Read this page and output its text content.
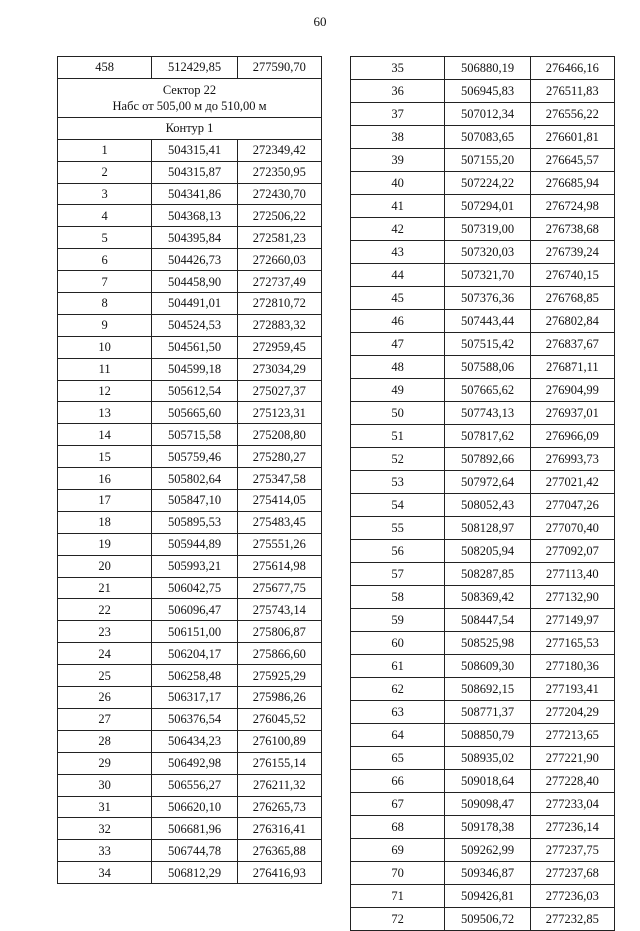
60
458	512429,85	277590,70
Сектор 22
Набс от 505,00 м до 510,00 м		
Контур 1		
1	504315,41	272349,42
2	504315,87	272350,95
3	504341,86	272430,70
4	504368,13	272506,22
5	504395,84	272581,23
6	504426,73	272660,03
7	504458,90	272737,49
8	504491,01	272810,72
9	504524,53	272883,32
10	504561,50	272959,45
11	504599,18	273034,29
12	505612,54	275027,37
13	505665,60	275123,31
14	505715,58	275208,80
15	505759,46	275280,27
16	505802,64	275347,58
17	505847,10	275414,05
18	505895,53	275483,45
19	505944,89	275551,26
20	505993,21	275614,98
21	506042,75	275677,75
22	506096,47	275743,14
23	506151,00	275806,87
24	506204,17	275866,60
25	506258,48	275925,29
26	506317,17	275986,26
27	506376,54	276045,52
28	506434,23	276100,89
29	506492,98	276155,14
30	506556,27	276211,32
31	506620,10	276265,73
32	506681,96	276316,41
33	506744,78	276365,88
34	506812,29	276416,93
35	506880,19	276466,16
36	506945,83	276511,83
37	507012,34	276556,22
38	507083,65	276601,81
39	507155,20	276645,57
40	507224,22	276685,94
41	507294,01	276724,98
42	507319,00	276738,68
43	507320,03	276739,24
44	507321,70	276740,15
45	507376,36	276768,85
46	507443,44	276802,84
47	507515,42	276837,67
48	507588,06	276871,11
49	507665,62	276904,99
50	507743,13	276937,01
51	507817,62	276966,09
52	507892,66	276993,73
53	507972,64	277021,42
54	508052,43	277047,26
55	508128,97	277070,40
56	508205,94	277092,07
57	508287,85	277113,40
58	508369,42	277132,90
59	508447,54	277149,97
60	508525,98	277165,53
61	508609,30	277180,36
62	508692,15	277193,41
63	508771,37	277204,29
64	508850,79	277213,65
65	508935,02	277221,90
66	509018,64	277228,40
67	509098,47	277233,04
68	509178,38	277236,14
69	509262,99	277237,75
70	509346,87	277237,68
71	509426,81	277236,03
72	509506,72	277232,85
